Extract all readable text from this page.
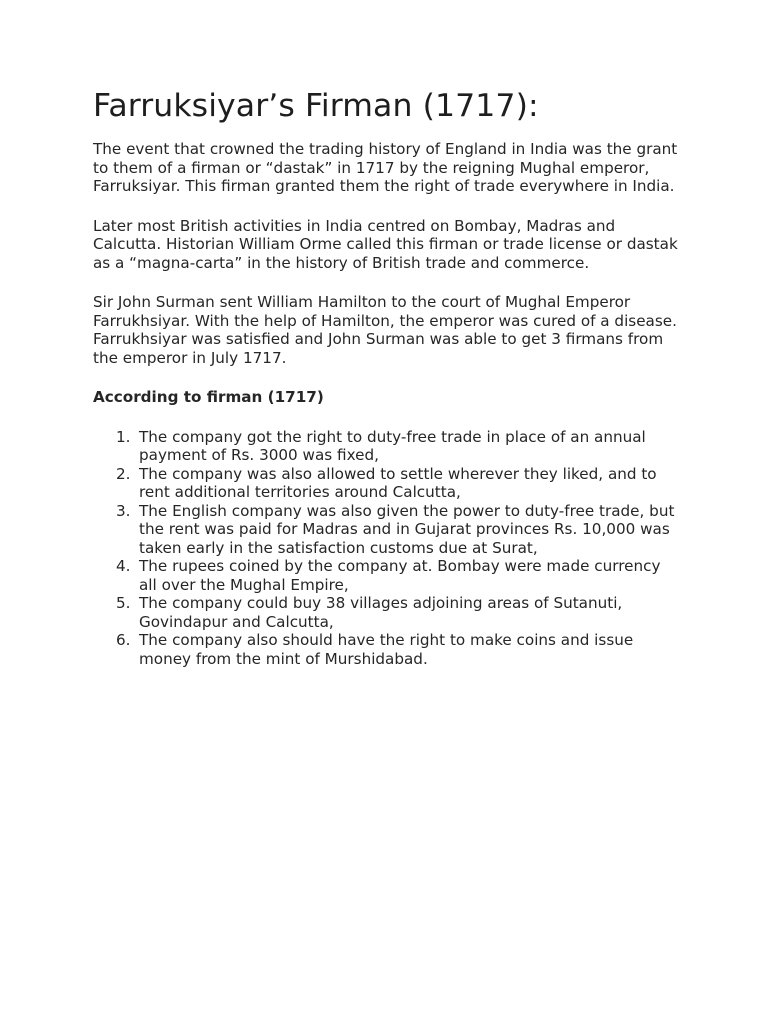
Farruksiyar’s Firman (1717):

The event that crowned the trading history of England in India was the grant to them of a firman or “dastak” in 1717 by the reigning Mughal emperor, Farruksiyar. This firman granted them the right of trade everywhere in India.

Later most British activities in India centred on Bombay, Madras and Calcutta. Historian William Orme called this firman or trade license or dastak as a “magna-carta” in the history of British trade and commerce.

Sir John Surman sent William Hamilton to the court of Mughal Emperor Farrukhsiyar. With the help of Hamilton, the emperor was cured of a disease. Farrukhsiyar was satisfied and John Surman was able to get 3 firmans from the emperor in July 1717.

According to firman (1717)

1. The company got the right to duty-free trade in place of an annual payment of Rs. 3000 was fixed,
2. The company was also allowed to settle wherever they liked, and to rent additional territories around Calcutta,
3. The English company was also given the power to duty-free trade, but the rent was paid for Madras and in Gujarat provinces Rs. 10,000 was taken early in the satisfaction customs due at Surat,
4. The rupees coined by the company at. Bombay were made currency all over the Mughal Empire,
5. The company could buy 38 villages adjoining areas of Sutanuti, Govindapur and Calcutta,
6. The company also should have the right to make coins and issue money from the mint of Murshidabad.
